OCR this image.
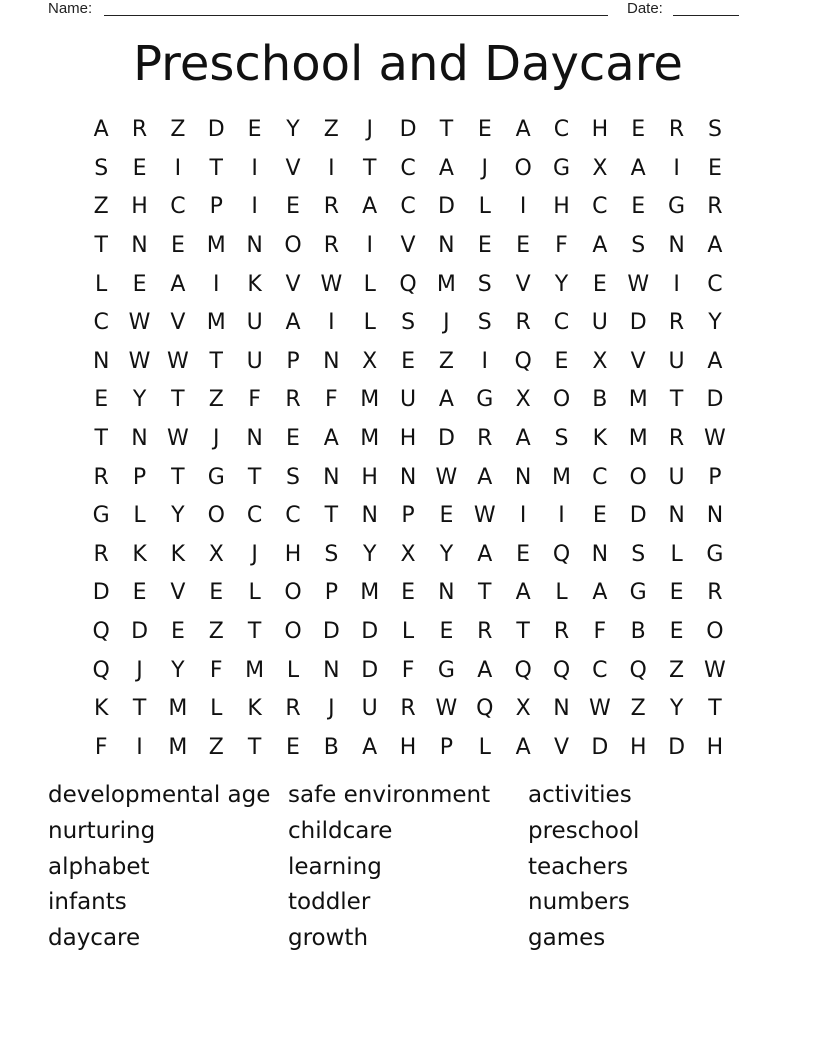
Name:	Date:
Preschool and Daycare
A	R	Z	D	E	Y	Z	J	D	T	E	A	C	H	E	R	S
S	E	I	T	I	V	I	T	C	A	J	O G	X	A	I	E
Z	H	C	P	I	E	R	A	C	D	L	I	H	C	E	G	R
T	N	E M N O	R	I	V	N	E	E	F	A	S	N	A
L	E	A	I	K	V W L	Q M S	V	Y	E W	I	C
C W V M U	A	I	L	S	J	S	R	C	U D	R	Y
N W W T	U	P	N	X	E	Z	I	Q	E	X	V	U	A
E	Y	T	Z	F	R	F	M U	A	G	X	O	B M	T	D
T	N W	J	N	E	A M H D	R	A	S	K M R W
R	P	T	G	T	S	N H N W A	N M C	O U	P
G	L	Y	O	C	C	T	N	P	E W	I	I	E	D N N
R	K	K	X	J	H	S	Y	X	Y	A	E	Q N	S	L	G
D	E	V	E	L	O	P	M E	N	T	A	L	A	G	E	R
Q D	E	Z	T	O D D	L	E	R	T	R	F	B	E	O
Q	J	Y	F	M	L	N D	F	G	A	Q Q	C	Q	Z W
K	T	M	L	K	R	J	U	R W Q	X	N W Z	Y	T
F	I	M Z	T	E	B	A	H	P	L	A	V	D H D H
developmental age
nurturing
alphabet
infants
daycare
safe environment
childcare
learning
toddler
growth
activities
preschool
teachers
numbers
games
